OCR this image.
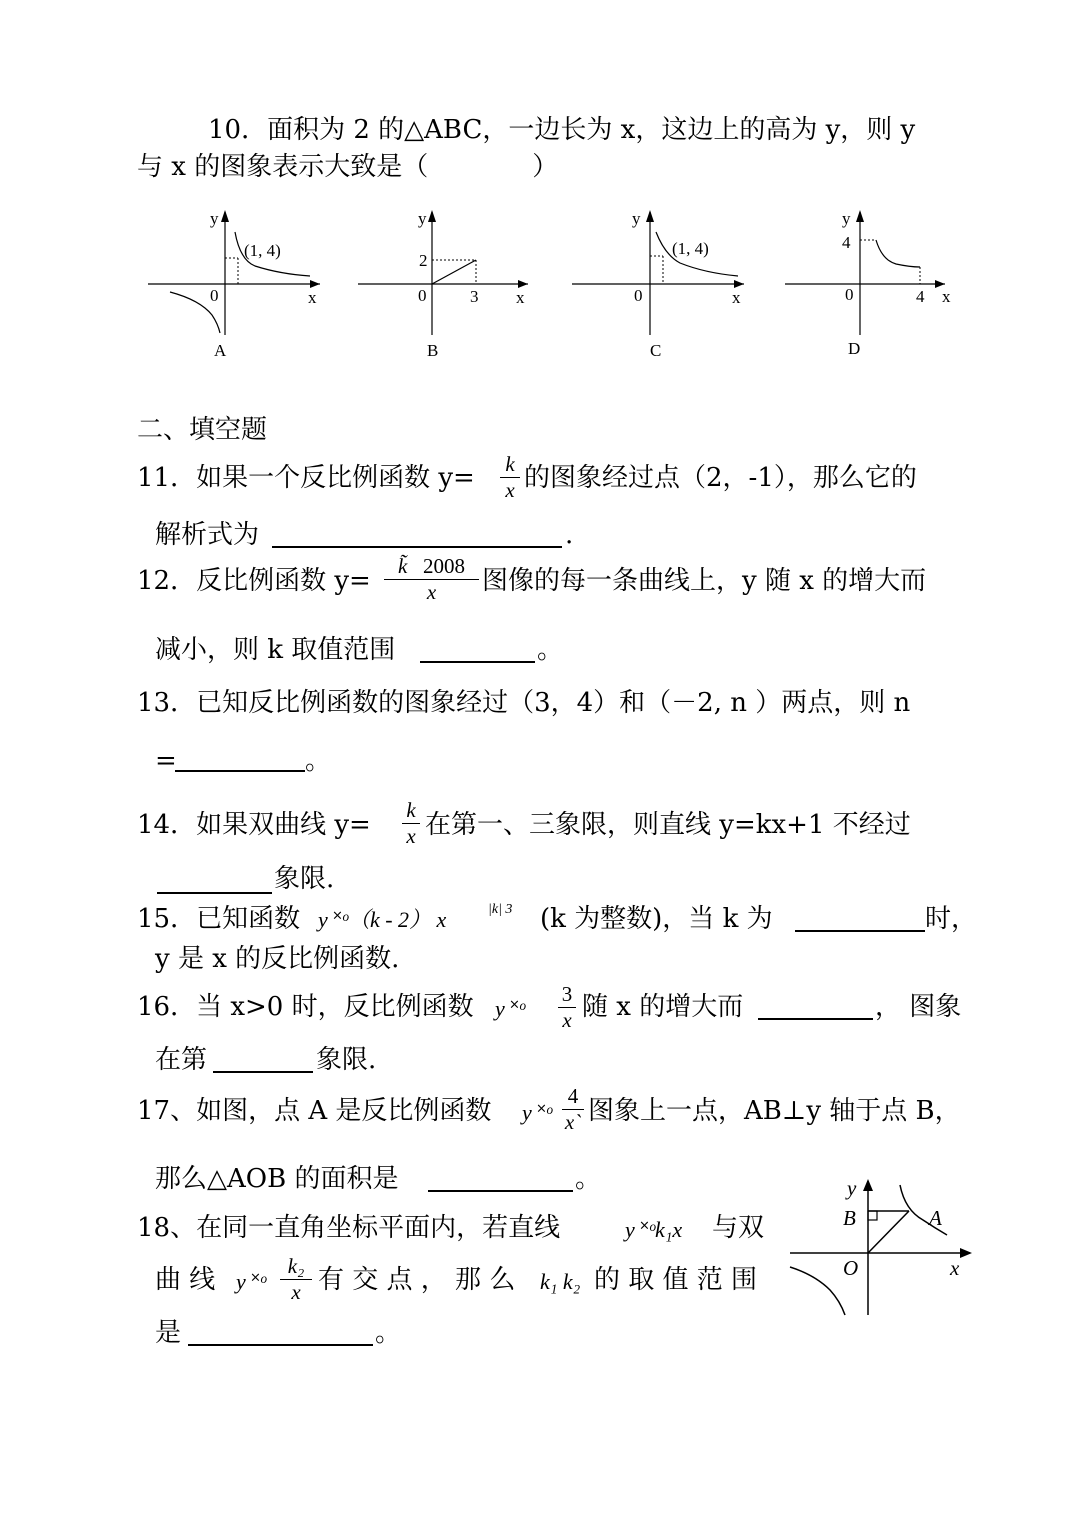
10．面积为 2 的△ABC，一边长为 x，这边上的高为 y，则 y
与 x 的图象表示大致是（　　　　）
(1, 4)
y
x
0
A
y
2
0	3 x
B
(1, 4)
y
x
0
C
y
4
0	4 x
D
二、填空题
11．如果一个反比例函数 $y= \frac{k}{x}$ 的图象经过点（2，-1），那么它的
解析式为	.
12．反比例函数 $y= \frac{k̃ 2008}{x}$ 图像的每一条曲线上，y 随 x 的增大而
减小，则 k 取值范围	。
13．已知反比例函数的图象经过（3，4）和（－2, n ）两点，则 n
=	。
14．如果双曲线 $y= \frac{k}{x}$ 在第一、三象限，则直线 y=kx+1 不经过
象限.
15．已知函数 y ˟ᵒ（k - 2） x	|k| 3 (k 为整数)，当 k 为	时，
y 是 x 的反比例函数.
16．当 x>0 时，反比例函数 y ˟ᵒ $\frac{3}{x}$ 随 x 的增大而	， 图象
在第	象限.
17、如图，点 A 是反比例函数 y ˟ᵒ $\frac{4}{x`}$ 图象上一点，AB⊥y 轴于点 B，
那么△AOB 的面积是	。	y
B	A
O	x
18、在同一直角坐标平面内，若直线	y ˟ᵒk₁x 与双
曲 线 y ˟ᵒ $\frac{\text{k₂}}{x}$ 有 交 点 ， 那 么 k₁ k₂ 的 取 值 范 围
是	。
